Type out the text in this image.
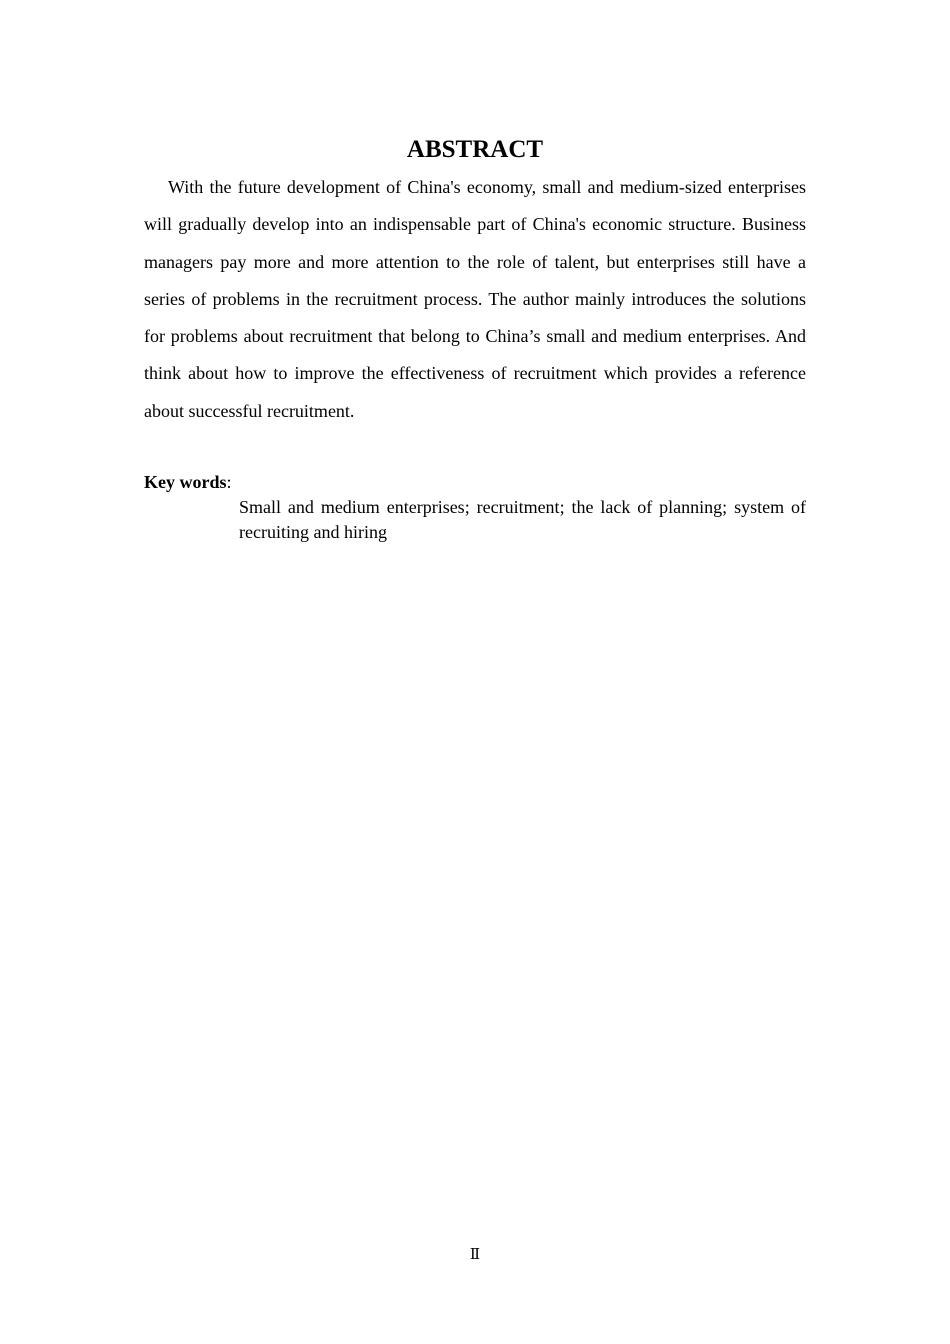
ABSTRACT

With the future development of China's economy, small and medium-sized enterprises will gradually develop into an indispensable part of China's economic structure. Business managers pay more and more attention to the role of talent, but enterprises still have a series of problems in the recruitment process. The author mainly introduces the solutions for problems about recruitment that belong to China’s small and medium enterprises. And think about how to improve the effectiveness of recruitment which provides a reference about successful recruitment.

Key words:

Small and medium enterprises; recruitment; the lack of planning; system of recruiting and hiring

Ⅱ
